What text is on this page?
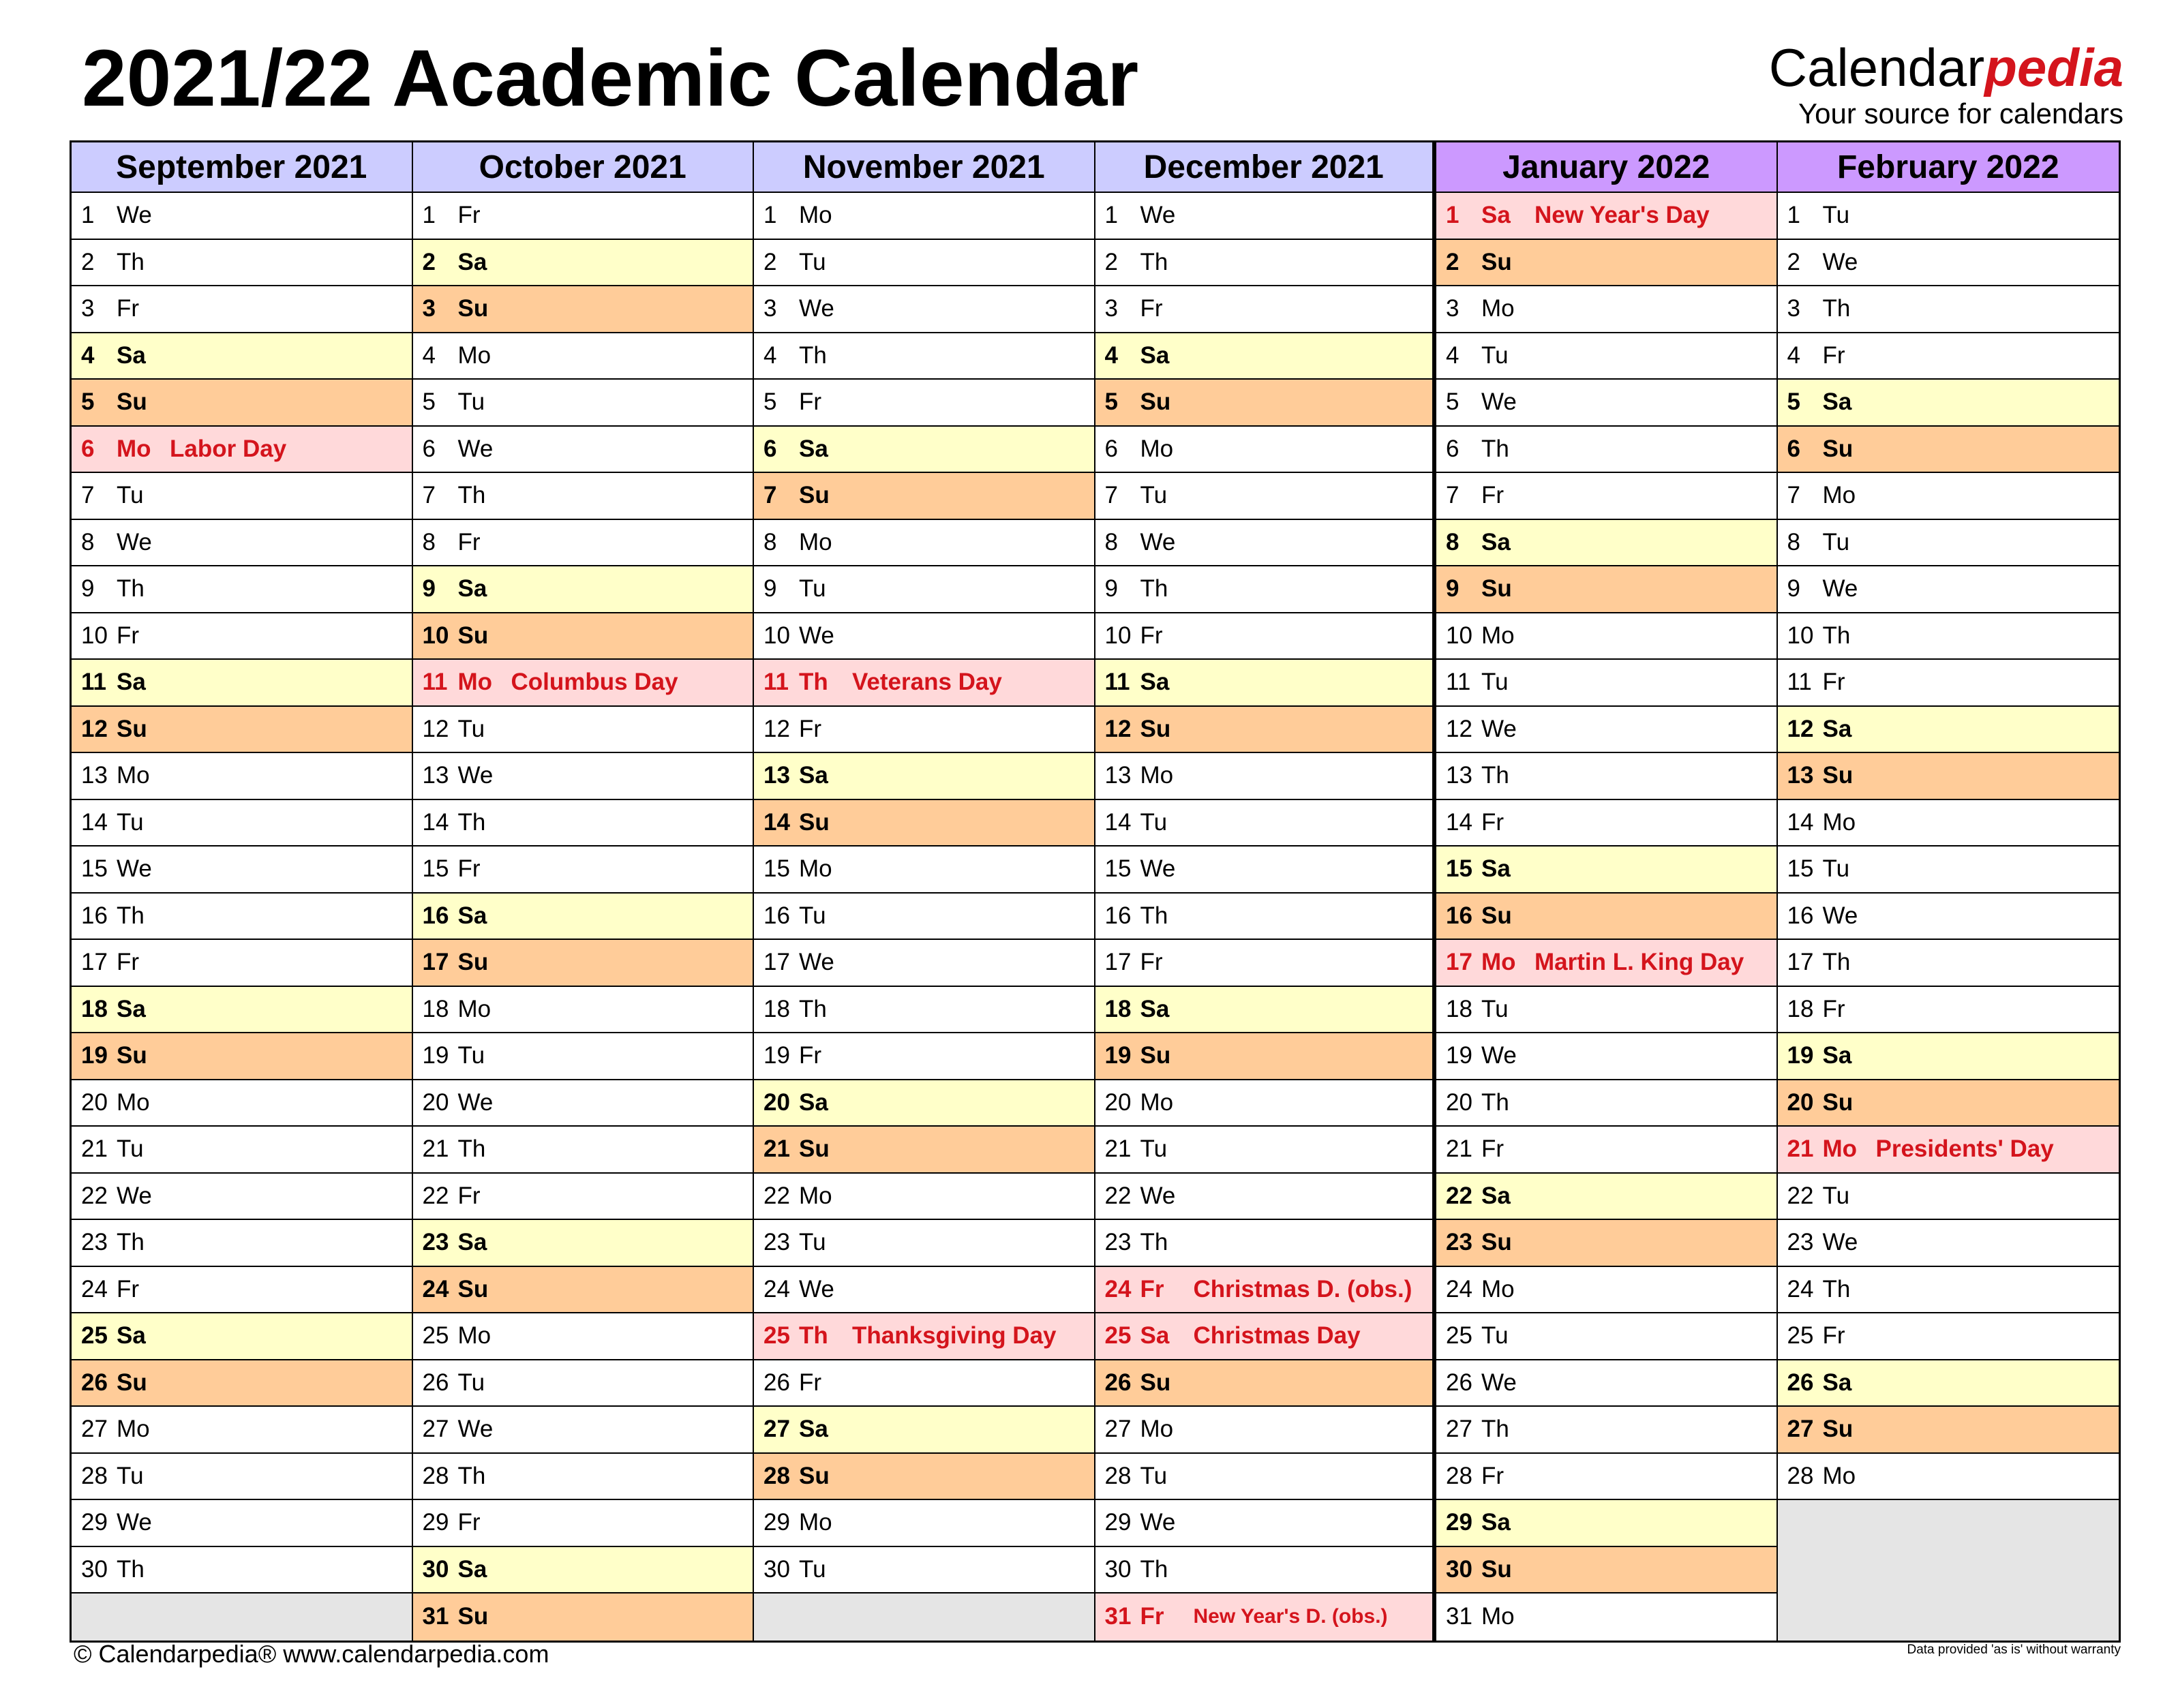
2021/22 Academic Calendar	Calendarpedia
Your source for calendars
September 2021
1 We
2 Th
3 Fr
4 Sa
5 Su
6 Mo Labor Day
7 Tu
8 We
9 Th
10 Fr
11 Sa
12 Su
13 Mo
14 Tu
15 We
16 Th
17 Fr
18 Sa
19 Su
20 Mo
21 Tu
22 We
23 Th
24 Fr
25 Sa
26 Su
27 Mo
28 Tu
29 We
30 Th
October 2021
1 Fr
2 Sa
3 Su
4 Mo
5 Tu
6 We
7 Th
8 Fr
9 Sa
10 Su
11 Mo Columbus Day
12 Tu
13 We
14 Th
15 Fr
16 Sa
17 Su
18 Mo
19 Tu
20 We
21 Th
22 Fr
23 Sa
24 Su
25 Mo
26 Tu
27 We
28 Th
29 Fr
30 Sa
31 Su
November 2021
1 Mo
2 Tu
3 We
4 Th
5 Fr
6 Sa
7 Su
8 Mo
9 Tu
10 We
11 Th	Veterans Day
12 Fr
13 Sa
14 Su
15 Mo
16 Tu
17 We
18 Th
19 Fr
20 Sa
21 Su
22 Mo
23 Tu
24 We
25 Th	Thanksgiving Day
26 Fr
27 Sa
28 Su
29 Mo
30 Tu
December 2021
1 We
2 Th
3 Fr
4 Sa
5 Su
6 Mo
7 Tu
8 We
9 Th
10 Fr
11 Sa
12 Su
13 Mo
14 Tu
15 We
16 Th
17 Fr
18 Sa
19 Su
20 Mo
21 Tu
22 We
23 Th
24 Fr	Christmas D. (obs.)
25 Sa	Christmas Day
26 Su
27 Mo
28 Tu
29 We
30 Th
31 Fr	New Year's D. (obs.)
January 2022
1 Sa	New Year's Day
2 Su
3 Mo
4 Tu
5 We
6 Th
7 Fr
8 Sa
9 Su
10 Mo
11 Tu
12 We
13 Th
14 Fr
15 Sa
16 Su
17 Mo Martin L. King Day
18 Tu
19 We
20 Th
21 Fr
22 Sa
23 Su
24 Mo
25 Tu
26 We
27 Th
28 Fr
29 Sa
30 Su
31 Mo
February 2022
1 Tu
2 We
3 Th
4 Fr
5 Sa
6 Su
7 Mo
8 Tu
9 We
10 Th
11 Fr
12 Sa
13 Su
14 Mo
15 Tu
16 We
17 Th
18 Fr
19 Sa
20 Su
21 Mo Presidents' Day
22 Tu
23 We
24 Th
25 Fr
26 Sa
27 Su
28 Mo
© Calendarpedia® www.calendarpedia.com	Data provided 'as is' without warranty
